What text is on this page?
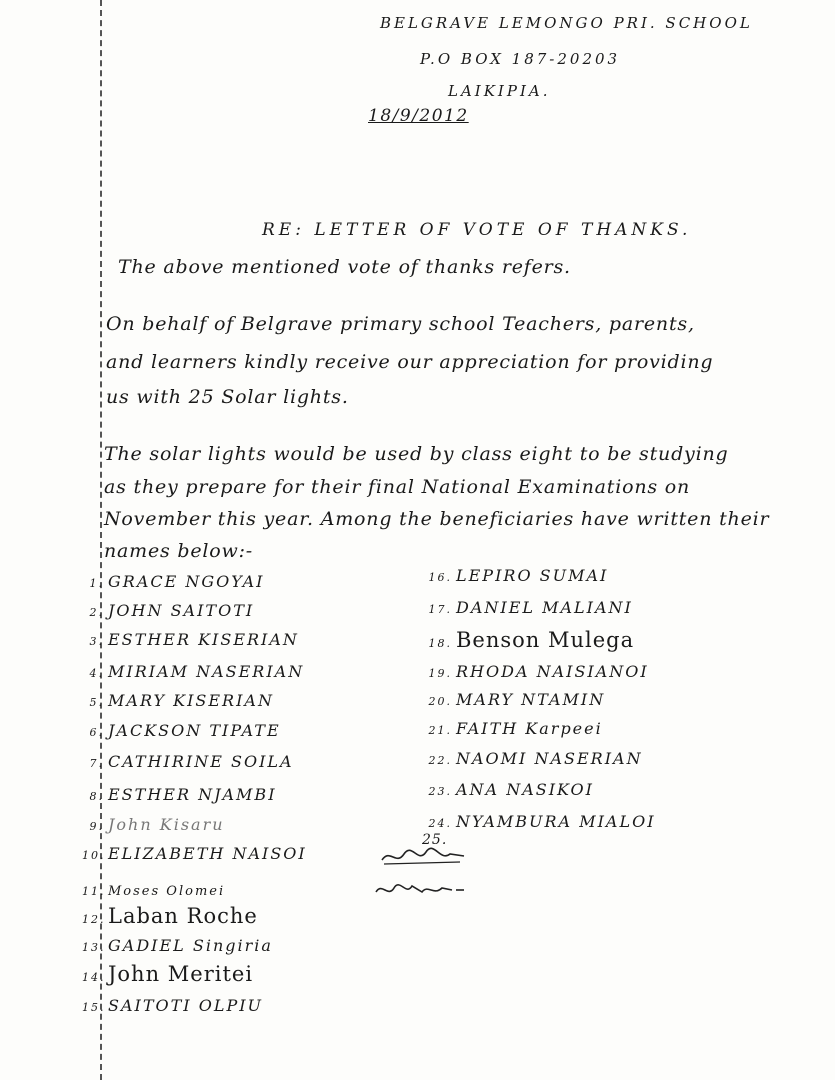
BELGRAVE LEMONGO PRI. SCHOOL
P.O BOX 187-20203
LAIKIPIA.
18/9/2012
RE: LETTER OF VOTE OF THANKS.
The above mentioned vote of thanks refers.
On behalf of Belgrave primary school Teachers, parents,
and learners kindly receive our appreciation for providing
us with 25 Solar lights.
The solar lights would be used by class eight to be studying
as they prepare for their final National Examinations on
November this year. Among the beneficiaries have written their
names below:-
1. GRACE NGOYAI
2. JOHN SAITOTI
3. ESTHER KISERIAN
4. MIRIAM NASERIAN
5. MARY KISERIAN
6. JACKSON TIPATE
7. CATHIRINE SOILA
8. ESTHER NJAMBI
9. John Kisaru
10. ELIZABETH NAISOI
11. Moses Olomei
12. Laban Roche
13. GADIEL Singiria
14. John Meritei
15. SAITOTI OLPIU
16. LEPIRO SUMAI
17. DANIEL MALIANI
18. Benson Mulega
19. RHODA NAISIANOI
20. MARY NTAMIN
21. FAITH Karpeei
22. NAOMI NASERIAN
23. ANA NASIKOI
24. NYAMBURA MIALOI
25.
